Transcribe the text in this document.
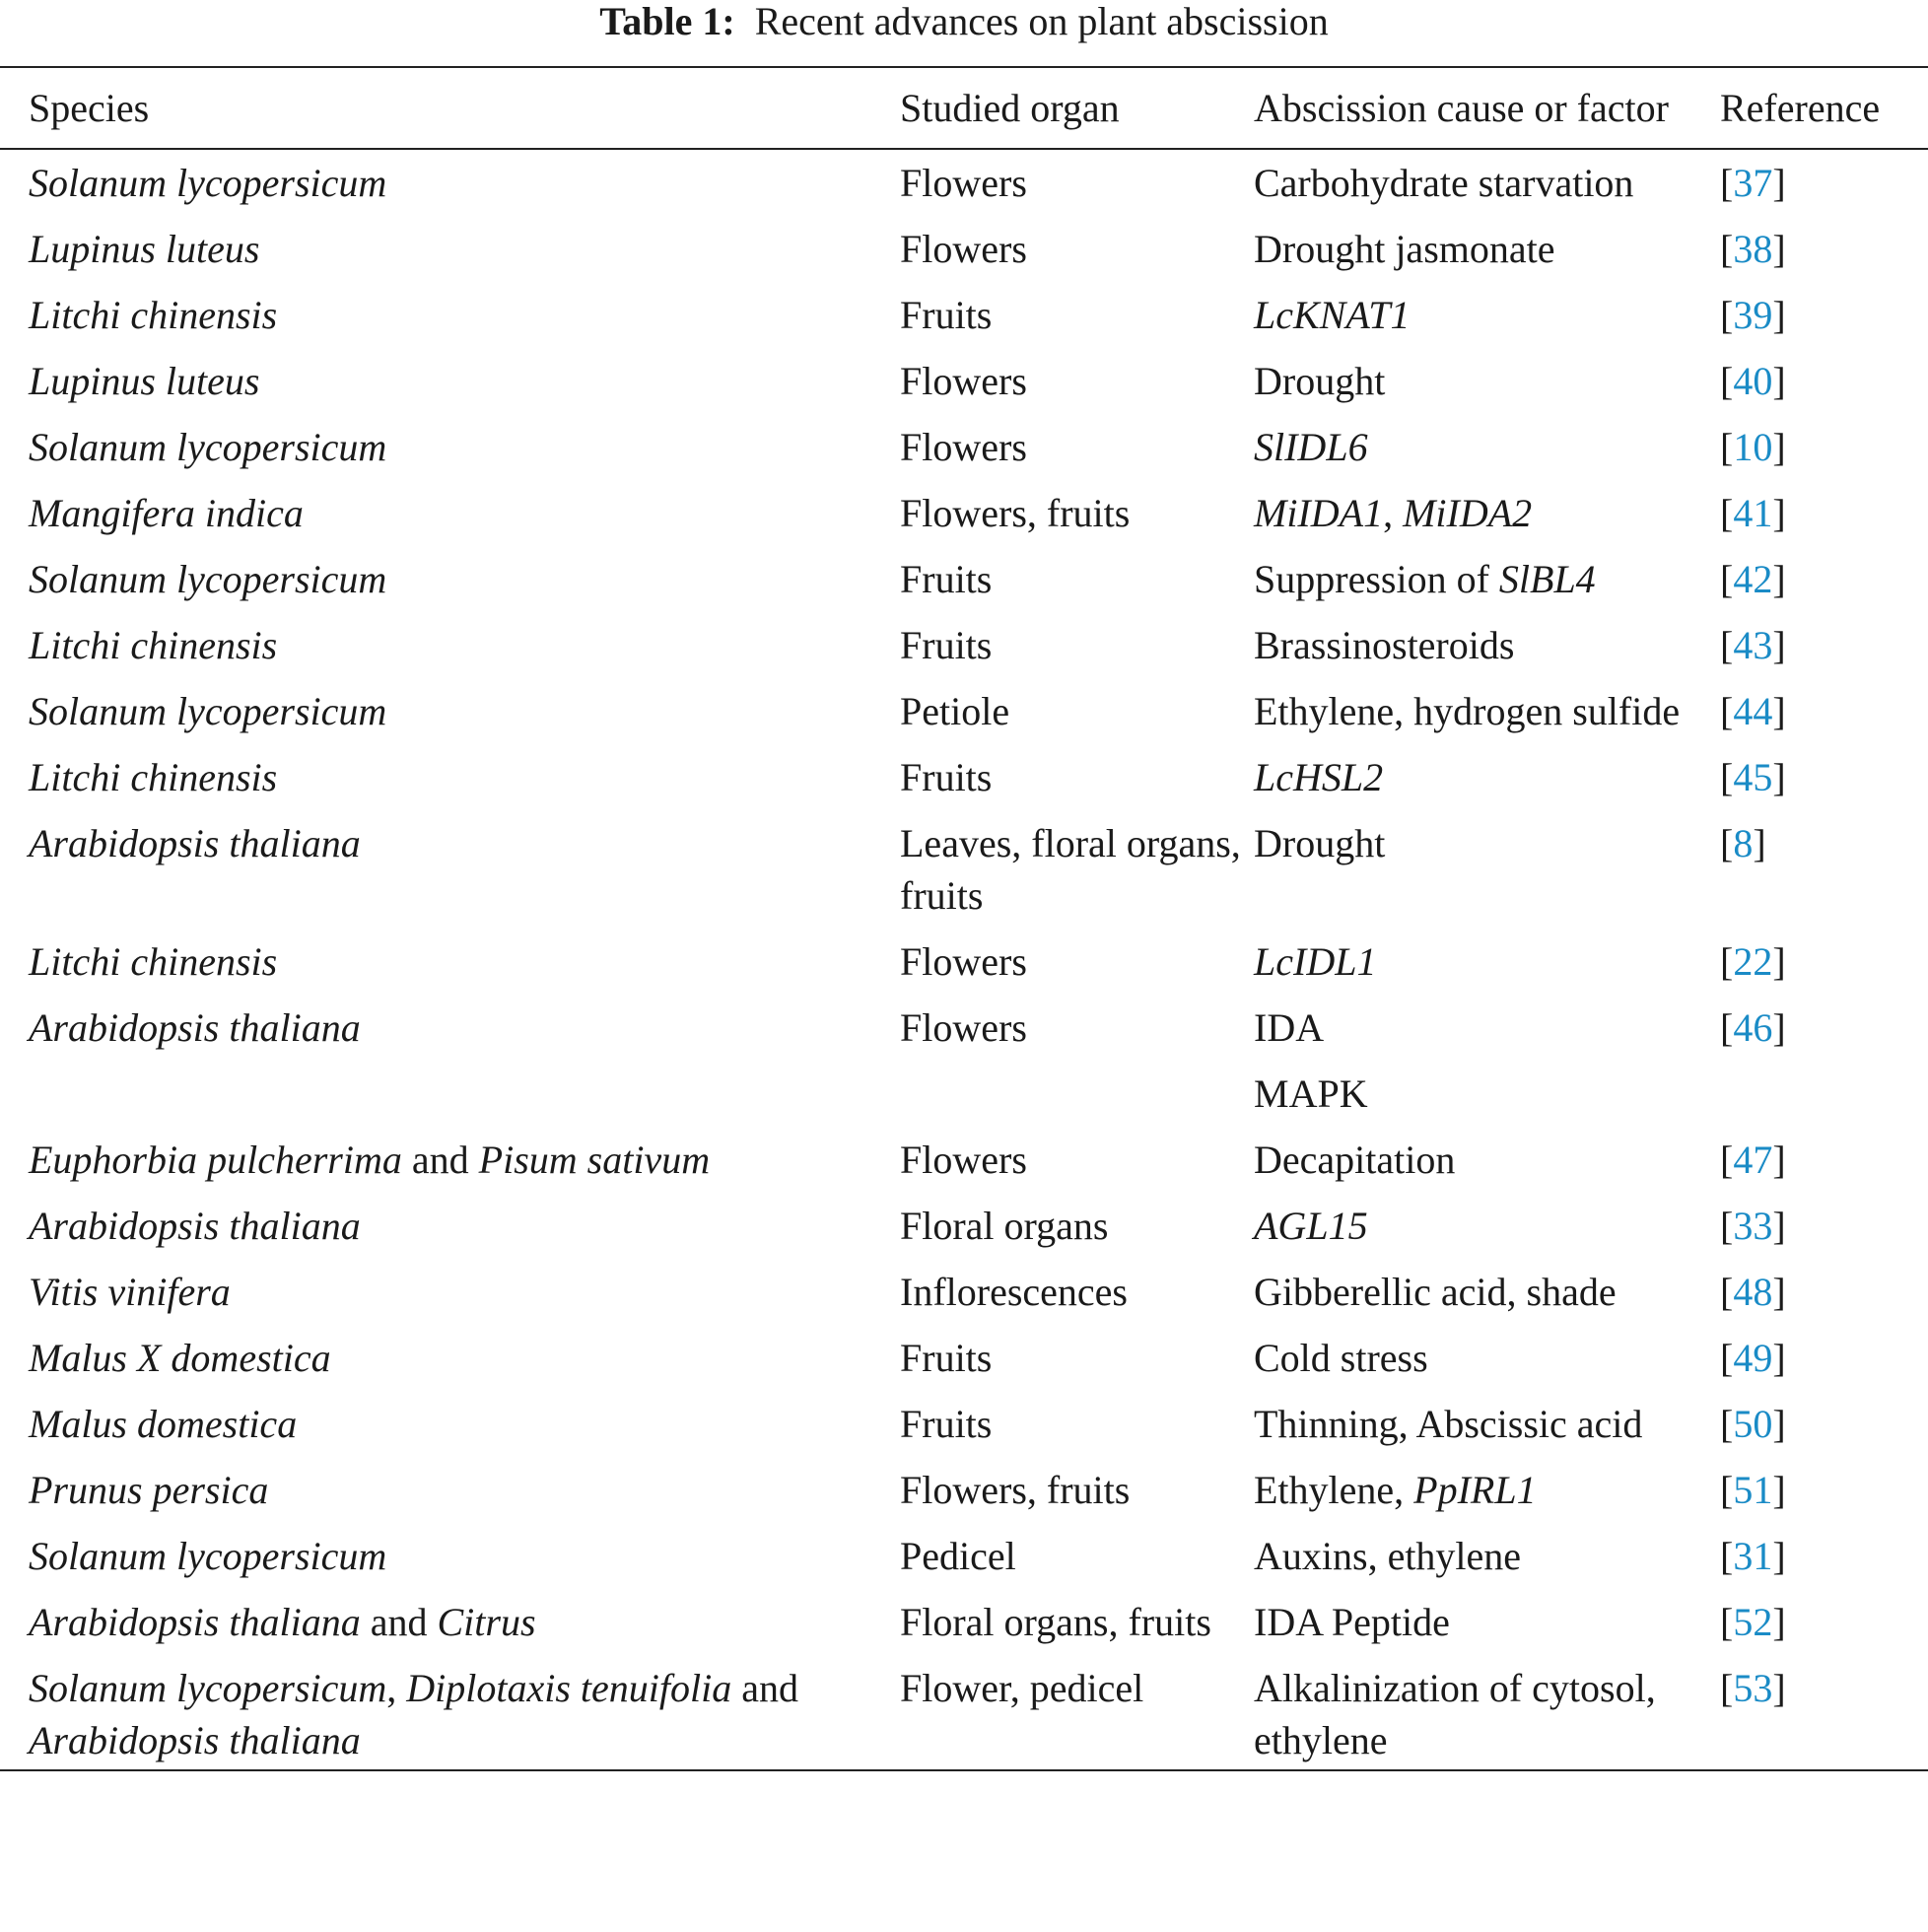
Table 1: Recent advances on plant abscission
Species	Studied organ	Abscission cause or factor	Reference
Solanum lycopersicum	Flowers	Carbohydrate starvation	[37]
Lupinus luteus	Flowers	Drought jasmonate	[38]
Litchi chinensis	Fruits	LcKNAT1	[39]
Lupinus luteus	Flowers	Drought	[40]
Solanum lycopersicum	Flowers	SlIDL6	[10]
Mangifera indica	Flowers, fruits	MiIDA1, MiIDA2	[41]
Solanum lycopersicum	Fruits	Suppression of SlBL4	[42]
Litchi chinensis	Fruits	Brassinosteroids	[43]
Solanum lycopersicum	Petiole	Ethylene, hydrogen sulfide	[44]
Litchi chinensis	Fruits	LcHSL2	[45]
Arabidopsis thaliana	Leaves, floral organs, fruits	Drought	[8]
Litchi chinensis	Flowers	LcIDL1	[22]
Arabidopsis thaliana	Flowers	IDA	[46]
		MAPK	
Euphorbia pulcherrima and Pisum sativum	Flowers	Decapitation	[47]
Arabidopsis thaliana	Floral organs	AGL15	[33]
Vitis vinifera	Inflorescences	Gibberellic acid, shade	[48]
Malus X domestica	Fruits	Cold stress	[49]
Malus domestica	Fruits	Thinning, Abscissic acid	[50]
Prunus persica	Flowers, fruits	Ethylene, PpIRL1	[51]
Solanum lycopersicum	Pedicel	Auxins, ethylene	[31]
Arabidopsis thaliana and Citrus	Floral organs, fruits	IDA Peptide	[52]
Solanum lycopersicum, Diplotaxis tenuifolia and Arabidopsis thaliana	Flower, pedicel	Alkalinization of cytosol, ethylene	[53]
